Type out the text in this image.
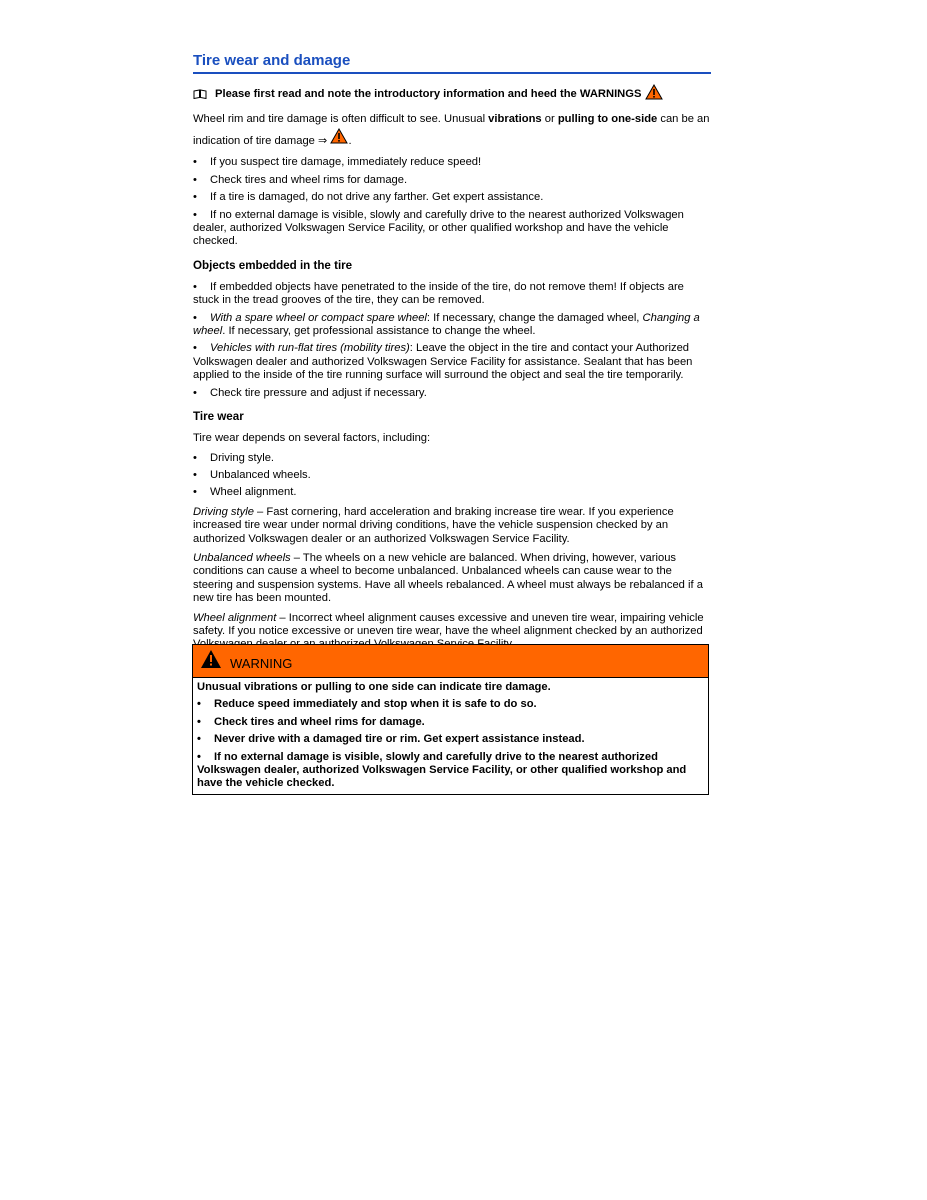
Tire wear and damage
Please first read and note the introductory information and heed the WARNINGS

Wheel rim and tire damage is often difficult to see. Unusual vibrations or pulling to one-side can be an indication of tire damage ⇒ .

• If you suspect tire damage, immediately reduce speed!
• Check tires and wheel rims for damage.
• If a tire is damaged, do not drive any farther. Get expert assistance.
• If no external damage is visible, slowly and carefully drive to the nearest authorized Volkswagen dealer, authorized Volkswagen Service Facility, or other qualified workshop and have the vehicle checked.
Objects embedded in the tire
• If embedded objects have penetrated to the inside of the tire, do not remove them! If objects are stuck in the tread grooves of the tire, they can be removed.
• With a spare wheel or compact spare wheel: If necessary, change the damaged wheel, Changing a wheel. If necessary, get professional assistance to change the wheel.
• Vehicles with run-flat tires (mobility tires): Leave the object in the tire and contact your Authorized Volkswagen dealer and authorized Volkswagen Service Facility for assistance. Sealant that has been applied to the inside of the tire running surface will surround the object and seal the tire temporarily.
• Check tire pressure and adjust if necessary.
Tire wear

Tire wear depends on several factors, including:

• Driving style.
• Unbalanced wheels.
• Wheel alignment.

Driving style – Fast cornering, hard acceleration and braking increase tire wear. If you experience increased tire wear under normal driving conditions, have the vehicle suspension checked by an authorized Volkswagen dealer or an authorized Volkswagen Service Facility.

Unbalanced wheels – The wheels on a new vehicle are balanced. When driving, however, various conditions can cause a wheel to become unbalanced. Unbalanced wheels can cause wear to the steering and suspension systems. Have all wheels rebalanced. A wheel must always be rebalanced if a new tire has been mounted.

Wheel alignment – Incorrect wheel alignment causes excessive and uneven tire wear, impairing vehicle safety. If you notice excessive or uneven tire wear, have the wheel alignment checked by an authorized

WARNING

Unusual vibrations or pulling to one side can indicate tire damage.

• Reduce speed immediately and stop when it is safe to do so.
• Check tires and wheel rims for damage.
• Never drive with a damaged tire or rim. Get expert assistance instead.
• If no external damage is visible, slowly and carefully drive to the nearest authorized Volkswagen dealer, authorized Volkswagen Service Facility, or other qualified workshop and have the vehicle checked.
